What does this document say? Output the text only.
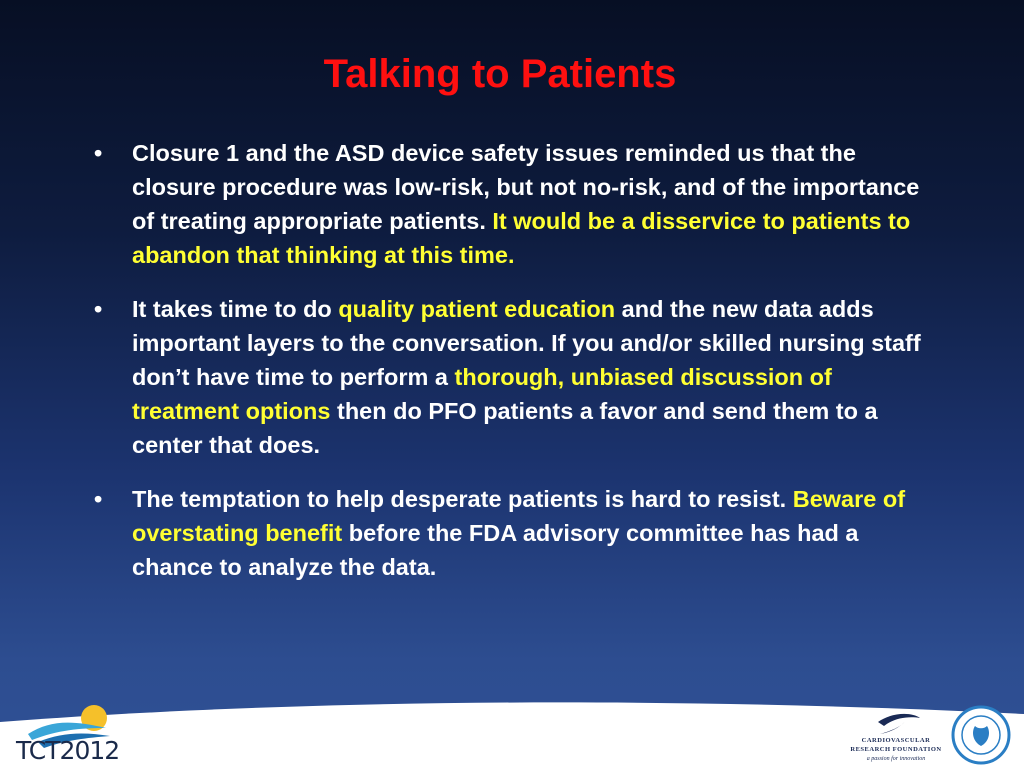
Talking to Patients
• Closure 1 and the ASD device safety issues reminded us that the closure procedure was low-risk, but not no-risk, and of the importance of treating appropriate patients. It would be a disservice to patients to abandon that thinking at this time.
• It takes time to do quality patient education and the new data adds important layers to the conversation. If you and/or skilled nursing staff don’t have time to perform a thorough, unbiased discussion of treatment options then do PFO patients a favor and send them to a center that does.
• The temptation to help desperate patients is hard to resist. Beware of overstating benefit before the FDA advisory committee has had a chance to analyze the data.
TCT2012	CARDIOVASCULAR
RESEARCH FOUNDATION
a passion for innovation
